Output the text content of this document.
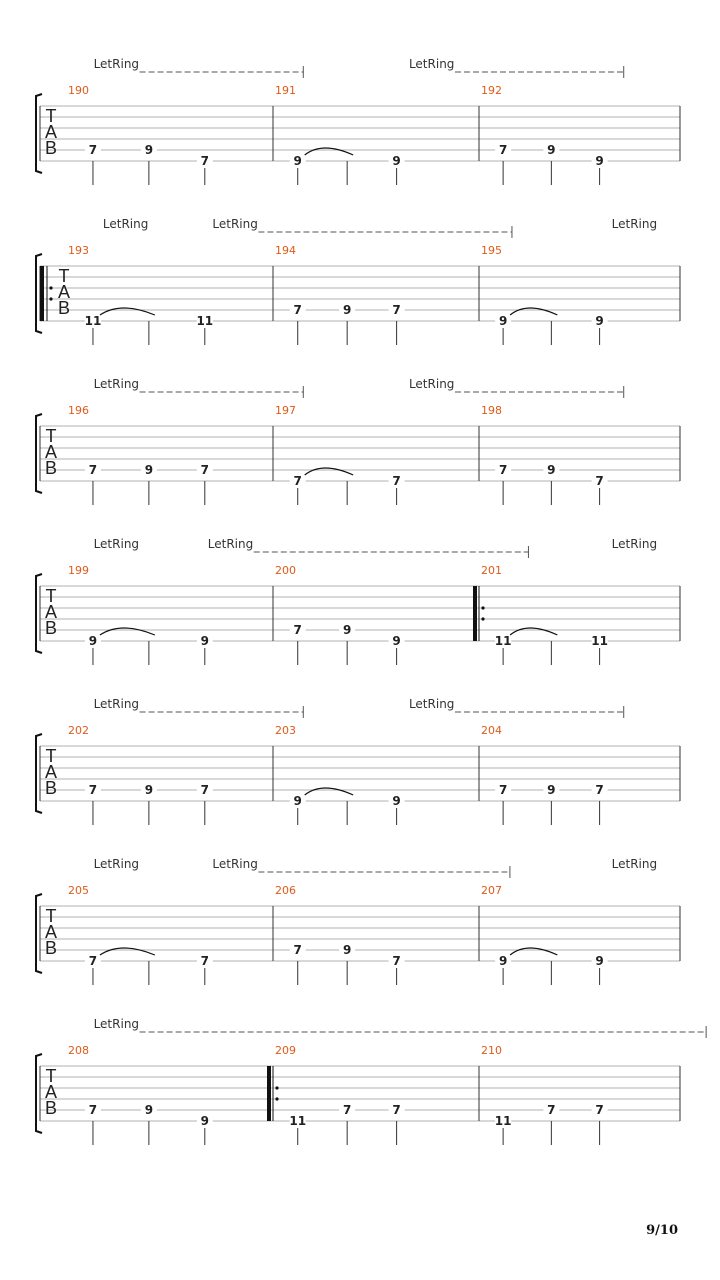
T
A
B
190
7	9
7
191
9	9
192
7	9
9
LetRing	LetRing
T
A
B
193
11	11
194
7	9	7
195
9	9
LetRing	LetRing	LetRing
T
A
B
196
7	9	7
197
7	7
198
7	9
7
LetRing	LetRing
T
A
B
199
9	9
200
7	9
9
201
11	11
LetRing	LetRing	LetRing
T
A
B
202
7	9	7
203
9	9
204
7	9	7
LetRing	LetRing
T
A
B
205
7	7
206
7	9
7
207
9	9
LetRing	LetRing	LetRing
T
A
B
208
7	9
9
209
11
7	7
210
11
7	7
LetRing
9/10
